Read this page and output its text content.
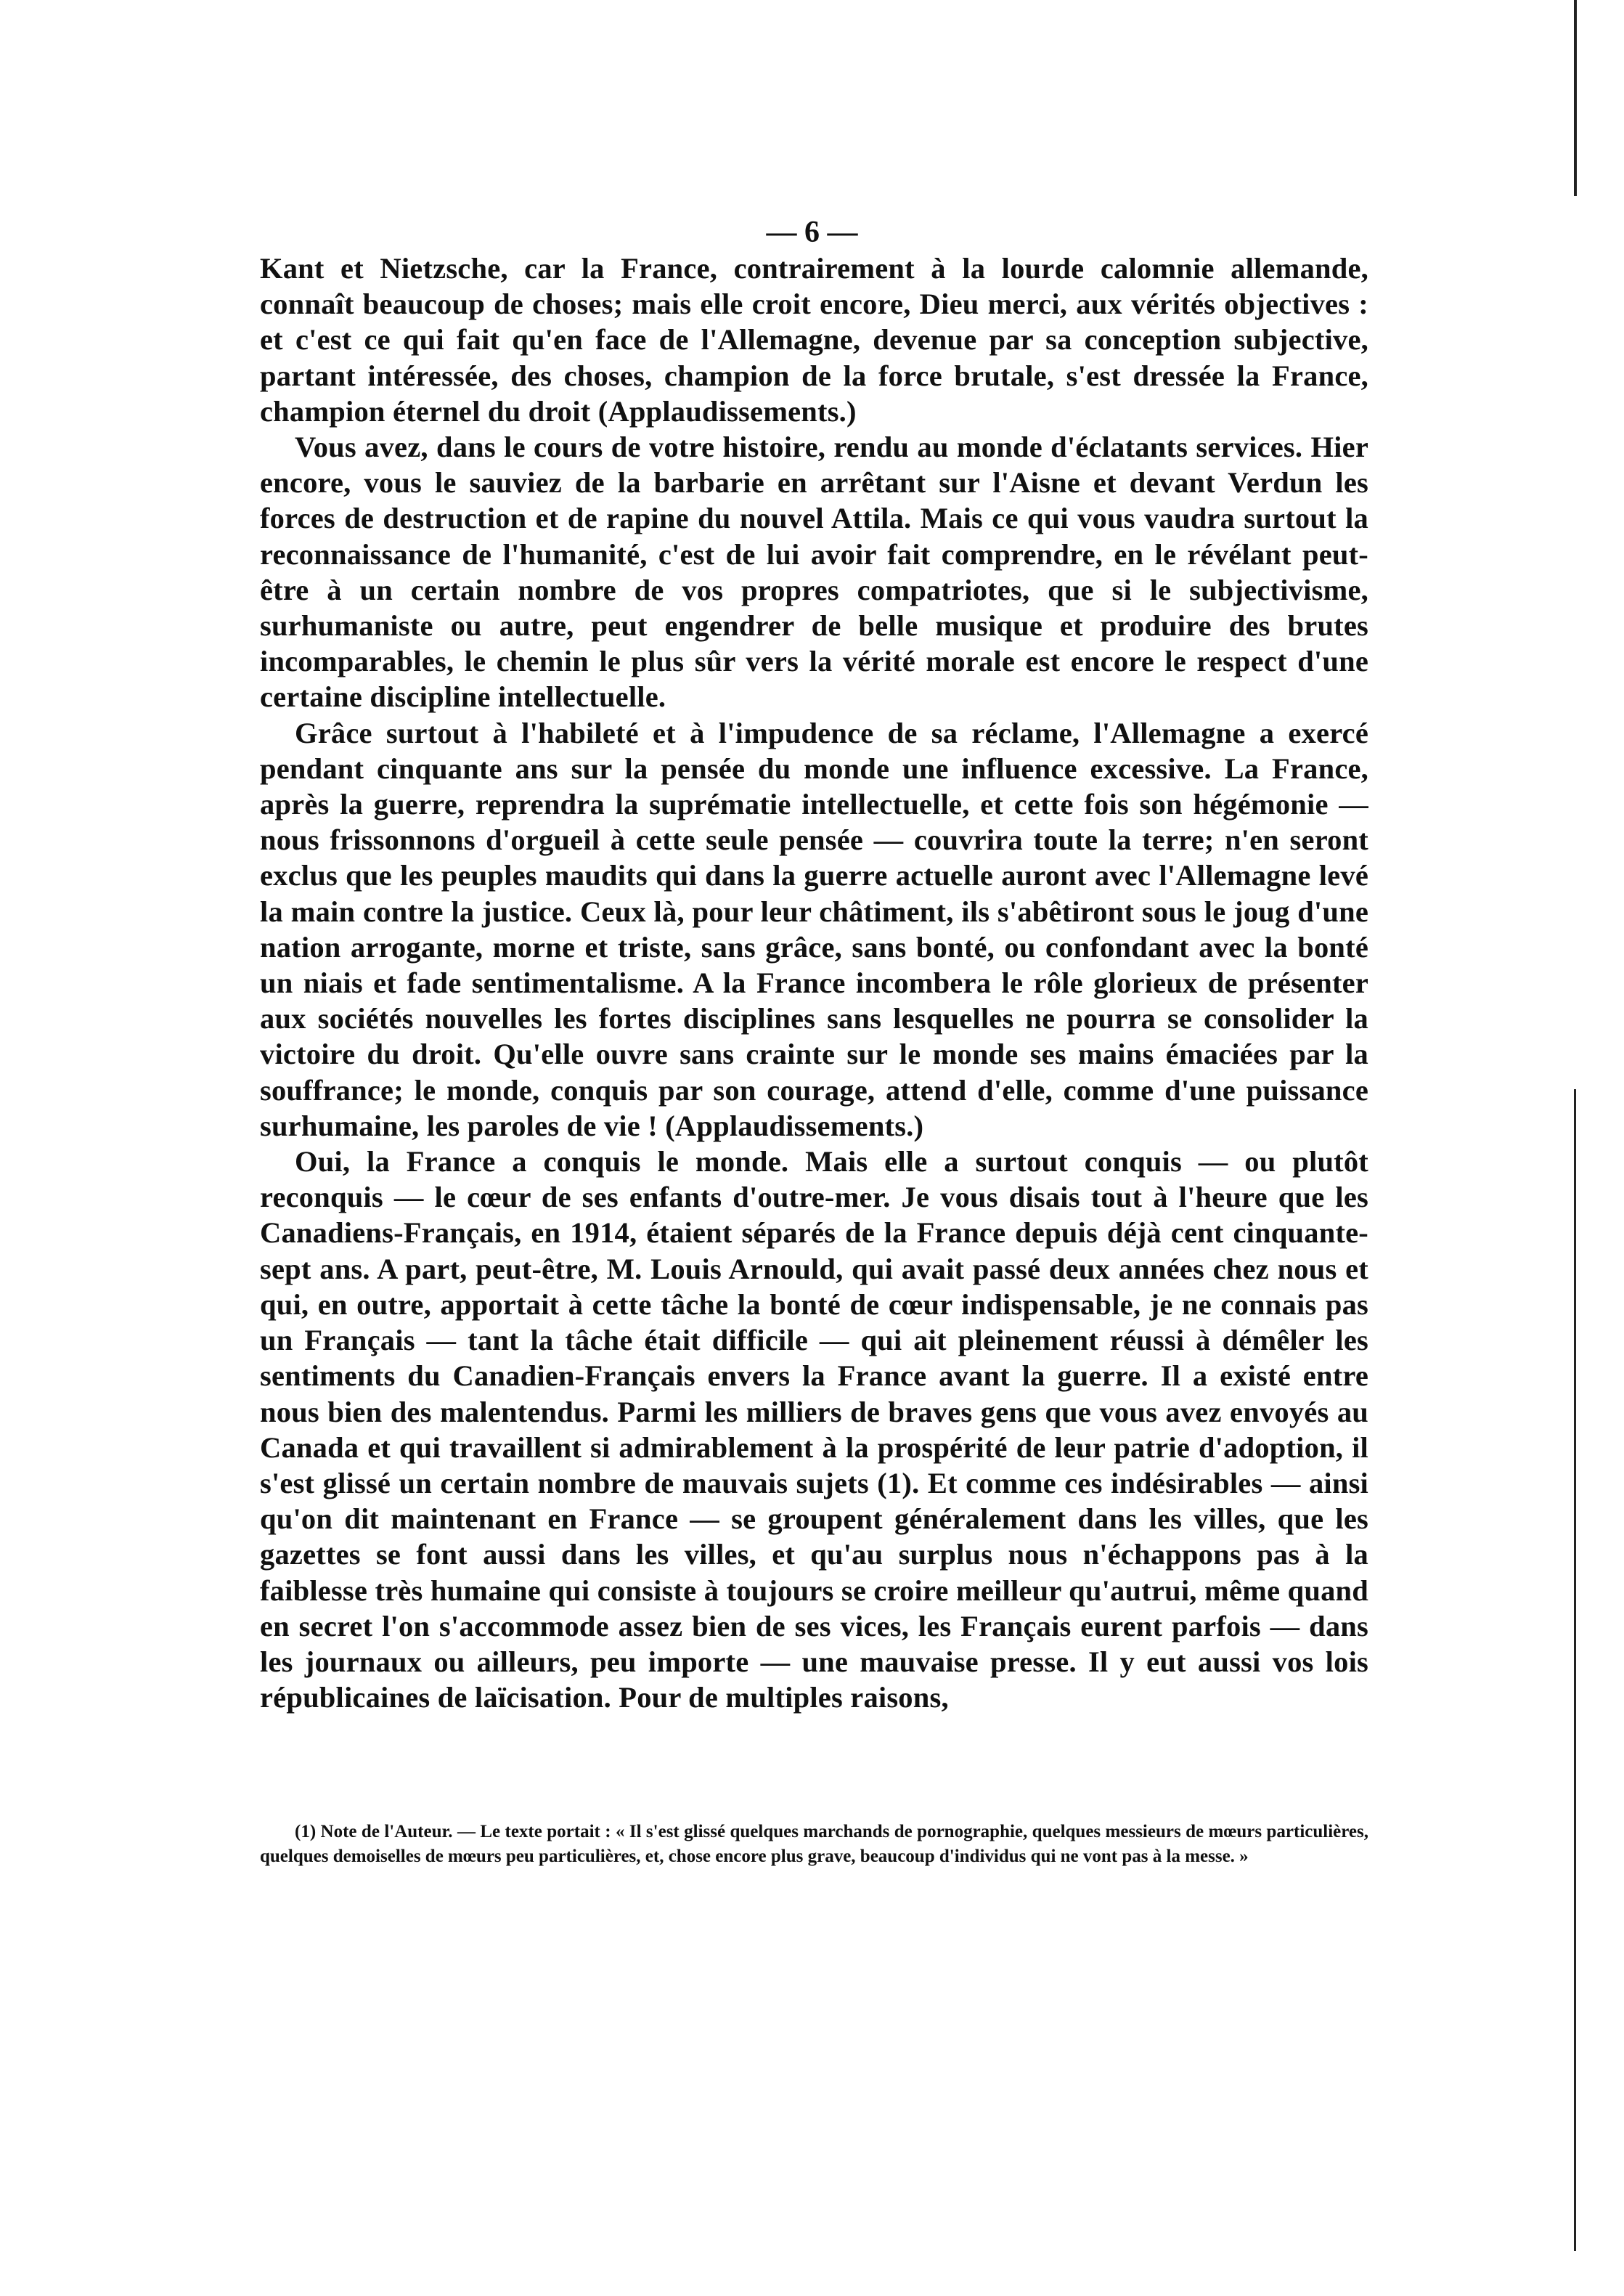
— 6 —

Kant et Nietzsche, car la France, contrairement à la lourde calomnie allemande, connaît beaucoup de choses; mais elle croit encore, Dieu merci, aux vérités objectives : et c'est ce qui fait qu'en face de l'Allemagne, devenue par sa conception subjective, partant intéressée, des choses, champion de la force brutale, s'est dressée la France, champion éternel du droit (Applaudissements.)

Vous avez, dans le cours de votre histoire, rendu au monde d'éclatants services. Hier encore, vous le sauviez de la barbarie en arrêtant sur l'Aisne et devant Verdun les forces de destruction et de rapine du nouvel Attila. Mais ce qui vous vaudra surtout la reconnaissance de l'humanité, c'est de lui avoir fait comprendre, en le révélant peut-être à un certain nombre de vos propres compatriotes, que si le subjectivisme, surhumaniste ou autre, peut engendrer de belle musique et produire des brutes incomparables, le chemin le plus sûr vers la vérité morale est encore le respect d'une certaine discipline intellectuelle.

Grâce surtout à l'habileté et à l'impudence de sa réclame, l'Allemagne a exercé pendant cinquante ans sur la pensée du monde une influence excessive. La France, après la guerre, reprendra la suprématie intellectuelle, et cette fois son hégémonie — nous frissonnons d'orgueil à cette seule pensée — couvrira toute la terre; n'en seront exclus que les peuples maudits qui dans la guerre actuelle auront avec l'Allemagne levé la main contre la justice. Ceux là, pour leur châtiment, ils s'abêtiront sous le joug d'une nation arrogante, morne et triste, sans grâce, sans bonté, ou confondant avec la bonté un niais et fade sentimentalisme. A la France incombera le rôle glorieux de présenter aux sociétés nouvelles les fortes disciplines sans lesquelles ne pourra se consolider la victoire du droit. Qu'elle ouvre sans crainte sur le monde ses mains émaciées par la souffrance; le monde, conquis par son courage, attend d'elle, comme d'une puissance surhumaine, les paroles de vie ! (Applaudissements.)

Oui, la France a conquis le monde. Mais elle a surtout conquis — ou plutôt reconquis — le cœur de ses enfants d'outre-mer. Je vous disais tout à l'heure que les Canadiens-Français, en 1914, étaient séparés de la France depuis déjà cent cinquante-sept ans. A part, peut-être, M. Louis Arnould, qui avait passé deux années chez nous et qui, en outre, apportait à cette tâche la bonté de cœur indispensable, je ne connais pas un Français — tant la tâche était difficile — qui ait pleinement réussi à démêler les sentiments du Canadien-Français envers la France avant la guerre. Il a existé entre nous bien des malentendus. Parmi les milliers de braves gens que vous avez envoyés au Canada et qui travaillent si admirablement à la prospérité de leur patrie d'adoption, il s'est glissé un certain nombre de mauvais sujets (1). Et comme ces indésirables — ainsi qu'on dit maintenant en France — se groupent généralement dans les villes, que les gazettes se font aussi dans les villes, et qu'au surplus nous n'échappons pas à la faiblesse très humaine qui consiste à toujours se croire meilleur qu'autrui, même quand en secret l'on s'accommode assez bien de ses vices, les Français eurent parfois — dans les journaux ou ailleurs, peu importe — une mauvaise presse. Il y eut aussi vos lois républicaines de laïcisation. Pour de multiples raisons,

(1) Note de l'Auteur. — Le texte portait : « Il s'est glissé quelques marchands de pornographie, quelques messieurs de mœurs particulières, quelques demoiselles de mœurs peu particulières, et, chose encore plus grave, beaucoup d'individus qui ne vont pas à la messe. »
